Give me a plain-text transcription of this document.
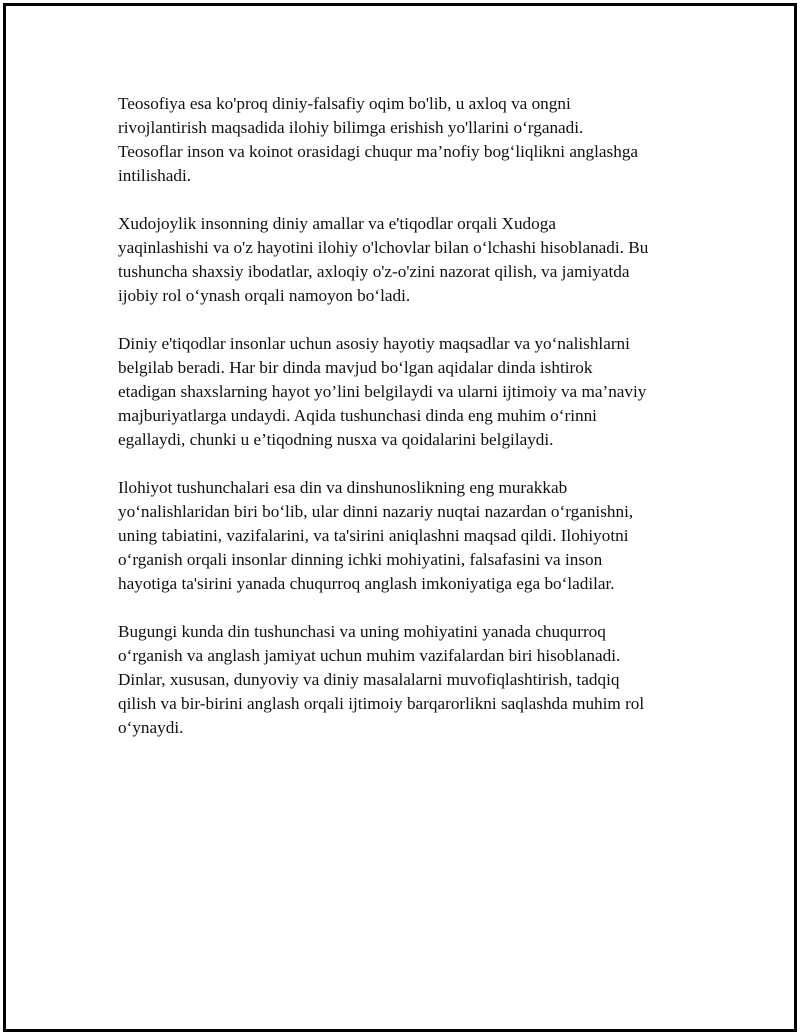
Teosofiya esa ko'proq diniy-falsafiy oqim bo'lib, u axloq va ongni
rivojlantirish maqsadida ilohiy bilimga erishish yo'llarini o‘rganadi.
Teosoflar inson va koinot orasidagi chuqur ma’nofiy bog‘liqlikni anglashga
intilishadi.

Xudojoylik insonning diniy amallar va e'tiqodlar orqali Xudoga
yaqinlashishi va o'z hayotini ilohiy o'lchovlar bilan o‘lchashi hisoblanadi. Bu
tushuncha shaxsiy ibodatlar, axloqiy o'z-o'zini nazorat qilish, va jamiyatda
ijobiy rol o‘ynash orqali namoyon bo‘ladi.

Diniy e'tiqodlar insonlar uchun asosiy hayotiy maqsadlar va yo‘nalishlarni
belgilab beradi. Har bir dinda mavjud bo‘lgan aqidalar dinda ishtirok
etadigan shaxslarning hayot yo’lini belgilaydi va ularni ijtimoiy va ma’naviy
majburiyatlarga undaydi. Aqida tushunchasi dinda eng muhim o‘rinni
egallaydi, chunki u e’tiqodning nusxa va qoidalarini belgilaydi.

Ilohiyot tushunchalari esa din va dinshunoslikning eng murakkab
yo‘nalishlaridan biri bo‘lib, ular dinni nazariy nuqtai nazardan o‘rganishni,
uning tabiatini, vazifalarini, va ta'sirini aniqlashni maqsad qildi. Ilohiyotni
o‘rganish orqali insonlar dinning ichki mohiyatini, falsafasini va inson
hayotiga ta'sirini yanada chuqurroq anglash imkoniyatiga ega bo‘ladilar.

Bugungi kunda din tushunchasi va uning mohiyatini yanada chuqurroq
o‘rganish va anglash jamiyat uchun muhim vazifalardan biri hisoblanadi.
Dinlar, xususan, dunyoviy va diniy masalalarni muvofiqlashtirish, tadqiq
qilish va bir-birini anglash orqali ijtimoiy barqarorlikni saqlashda muhim rol
o‘ynaydi.
